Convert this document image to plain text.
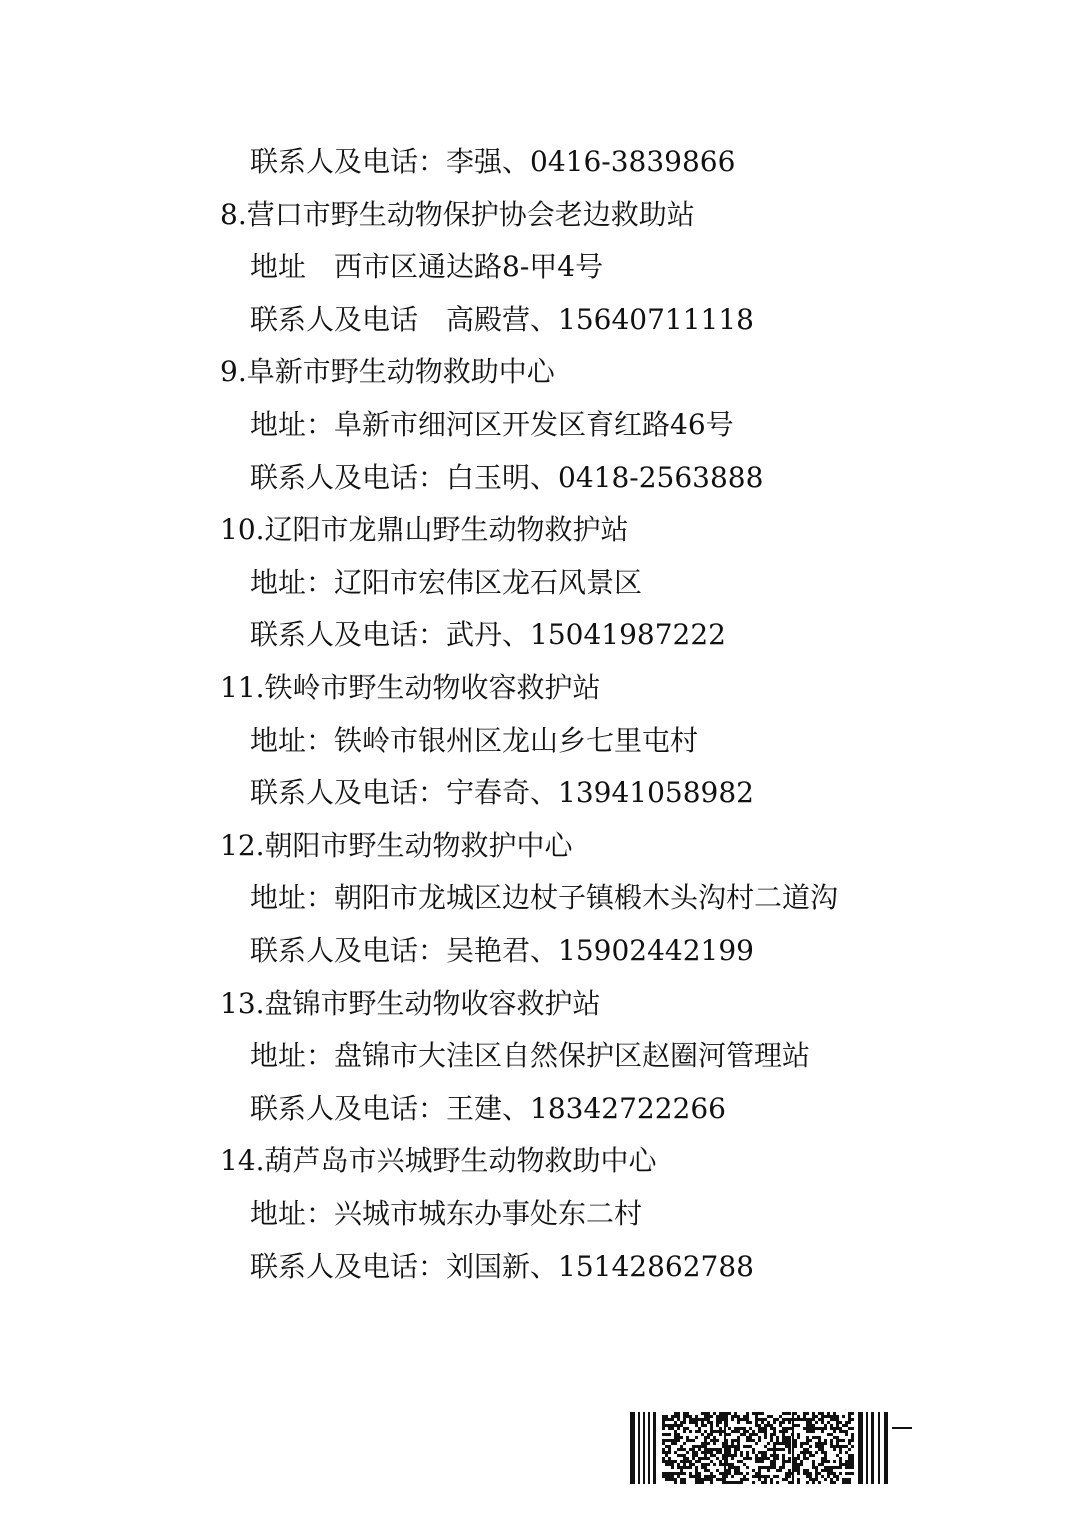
联系人及电话：李强、0416-3839866
8.营口市野生动物保护协会老边救助站
地址　西市区通达路8-甲4号
联系人及电话　高殿营、15640711118
9.阜新市野生动物救助中心
地址：阜新市细河区开发区育红路46号
联系人及电话：白玉明、0418-2563888
10.辽阳市龙鼎山野生动物救护站
地址：辽阳市宏伟区龙石风景区
联系人及电话：武丹、15041987222
11.铁岭市野生动物收容救护站
地址：铁岭市银州区龙山乡七里屯村
联系人及电话：宁春奇、13941058982
12.朝阳市野生动物救护中心
地址：朝阳市龙城区边杖子镇椴木头沟村二道沟
联系人及电话：吴艳君、15902442199
13.盘锦市野生动物收容救护站
地址：盘锦市大洼区自然保护区赵圈河管理站
联系人及电话：王建、18342722266
14.葫芦岛市兴城野生动物救助中心
地址：兴城市城东办事处东二村
联系人及电话：刘国新、15142862788
